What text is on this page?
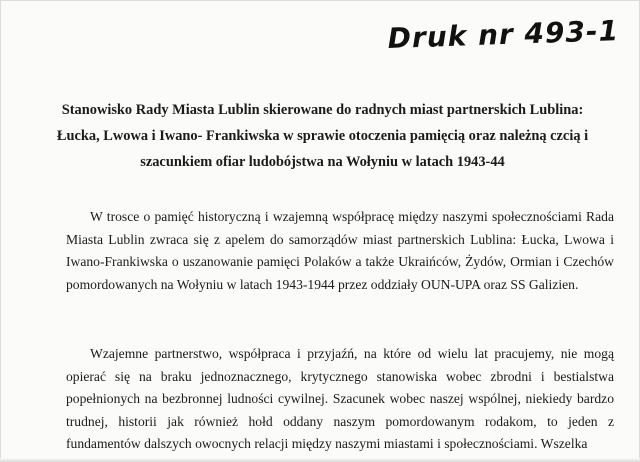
Druk nr 493-1
Stanowisko Rady Miasta Lublin skierowane do radnych miast partnerskich Lublina: Łucka, Lwowa i Iwano- Frankiwska w sprawie otoczenia pamięcią oraz należną czcią i szacunkiem ofiar ludobójstwa na Wołyniu w latach 1943-44
W trosce o pamięć historyczną i wzajemną współpracę między naszymi społecznościami Rada Miasta Lublin zwraca się z apelem do samorządów miast partnerskich Lublina: Łucka, Lwowa i Iwano-Frankiwska o uszanowanie pamięci Polaków a także Ukraińców, Żydów, Ormian i Czechów pomordowanych na Wołyniu w latach 1943-1944 przez oddziały OUN-UPA oraz SS Galizien.
Wzajemne partnerstwo, współpraca i przyjaźń, na które od wielu lat pracujemy, nie mogą opierać się na braku jednoznacznego, krytycznego stanowiska wobec zbrodni i bestialstwa popełnionych na bezbronnej ludności cywilnej. Szacunek wobec naszej wspólnej, niekiedy bardzo trudnej, historii jak również hołd oddany naszym pomordowanym rodakom, to jeden z fundamentów dalszych owocnych relacji między naszymi miastami i społecznościami. Wszelka
